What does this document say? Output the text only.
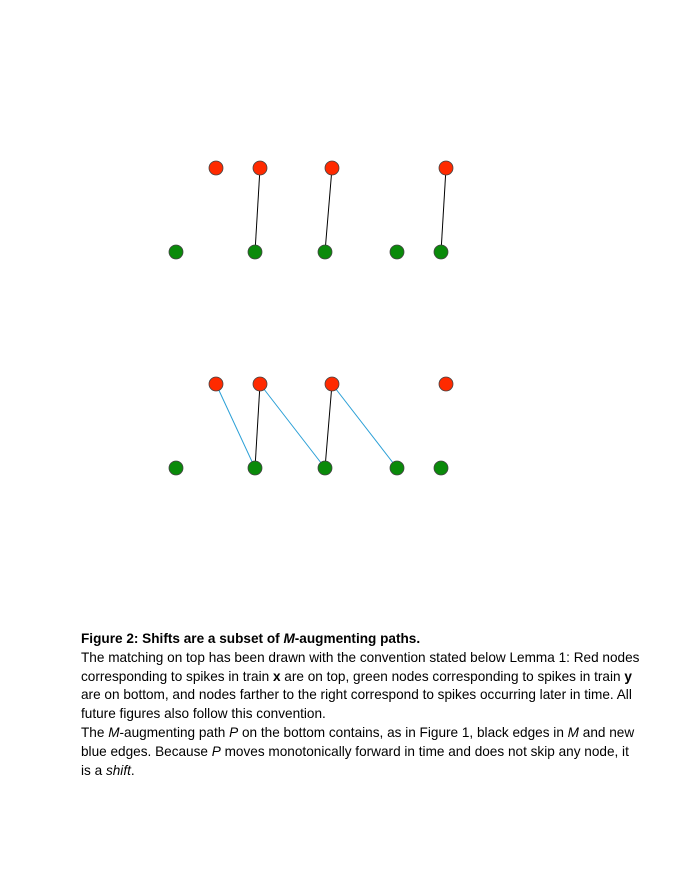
Figure 2: Shifts are a subset of M-augmenting paths.

The matching on top has been drawn with the convention stated below Lemma 1: Red nodes corresponding to spikes in train x are on top, green nodes corresponding to spikes in train y are on bottom, and nodes farther to the right correspond to spikes occurring later in time. All future figures also follow this convention.

The M-augmenting path P on the bottom contains, as in Figure 1, black edges in M and new blue edges. Because P moves monotonically forward in time and does not skip any node, it is a shift.
